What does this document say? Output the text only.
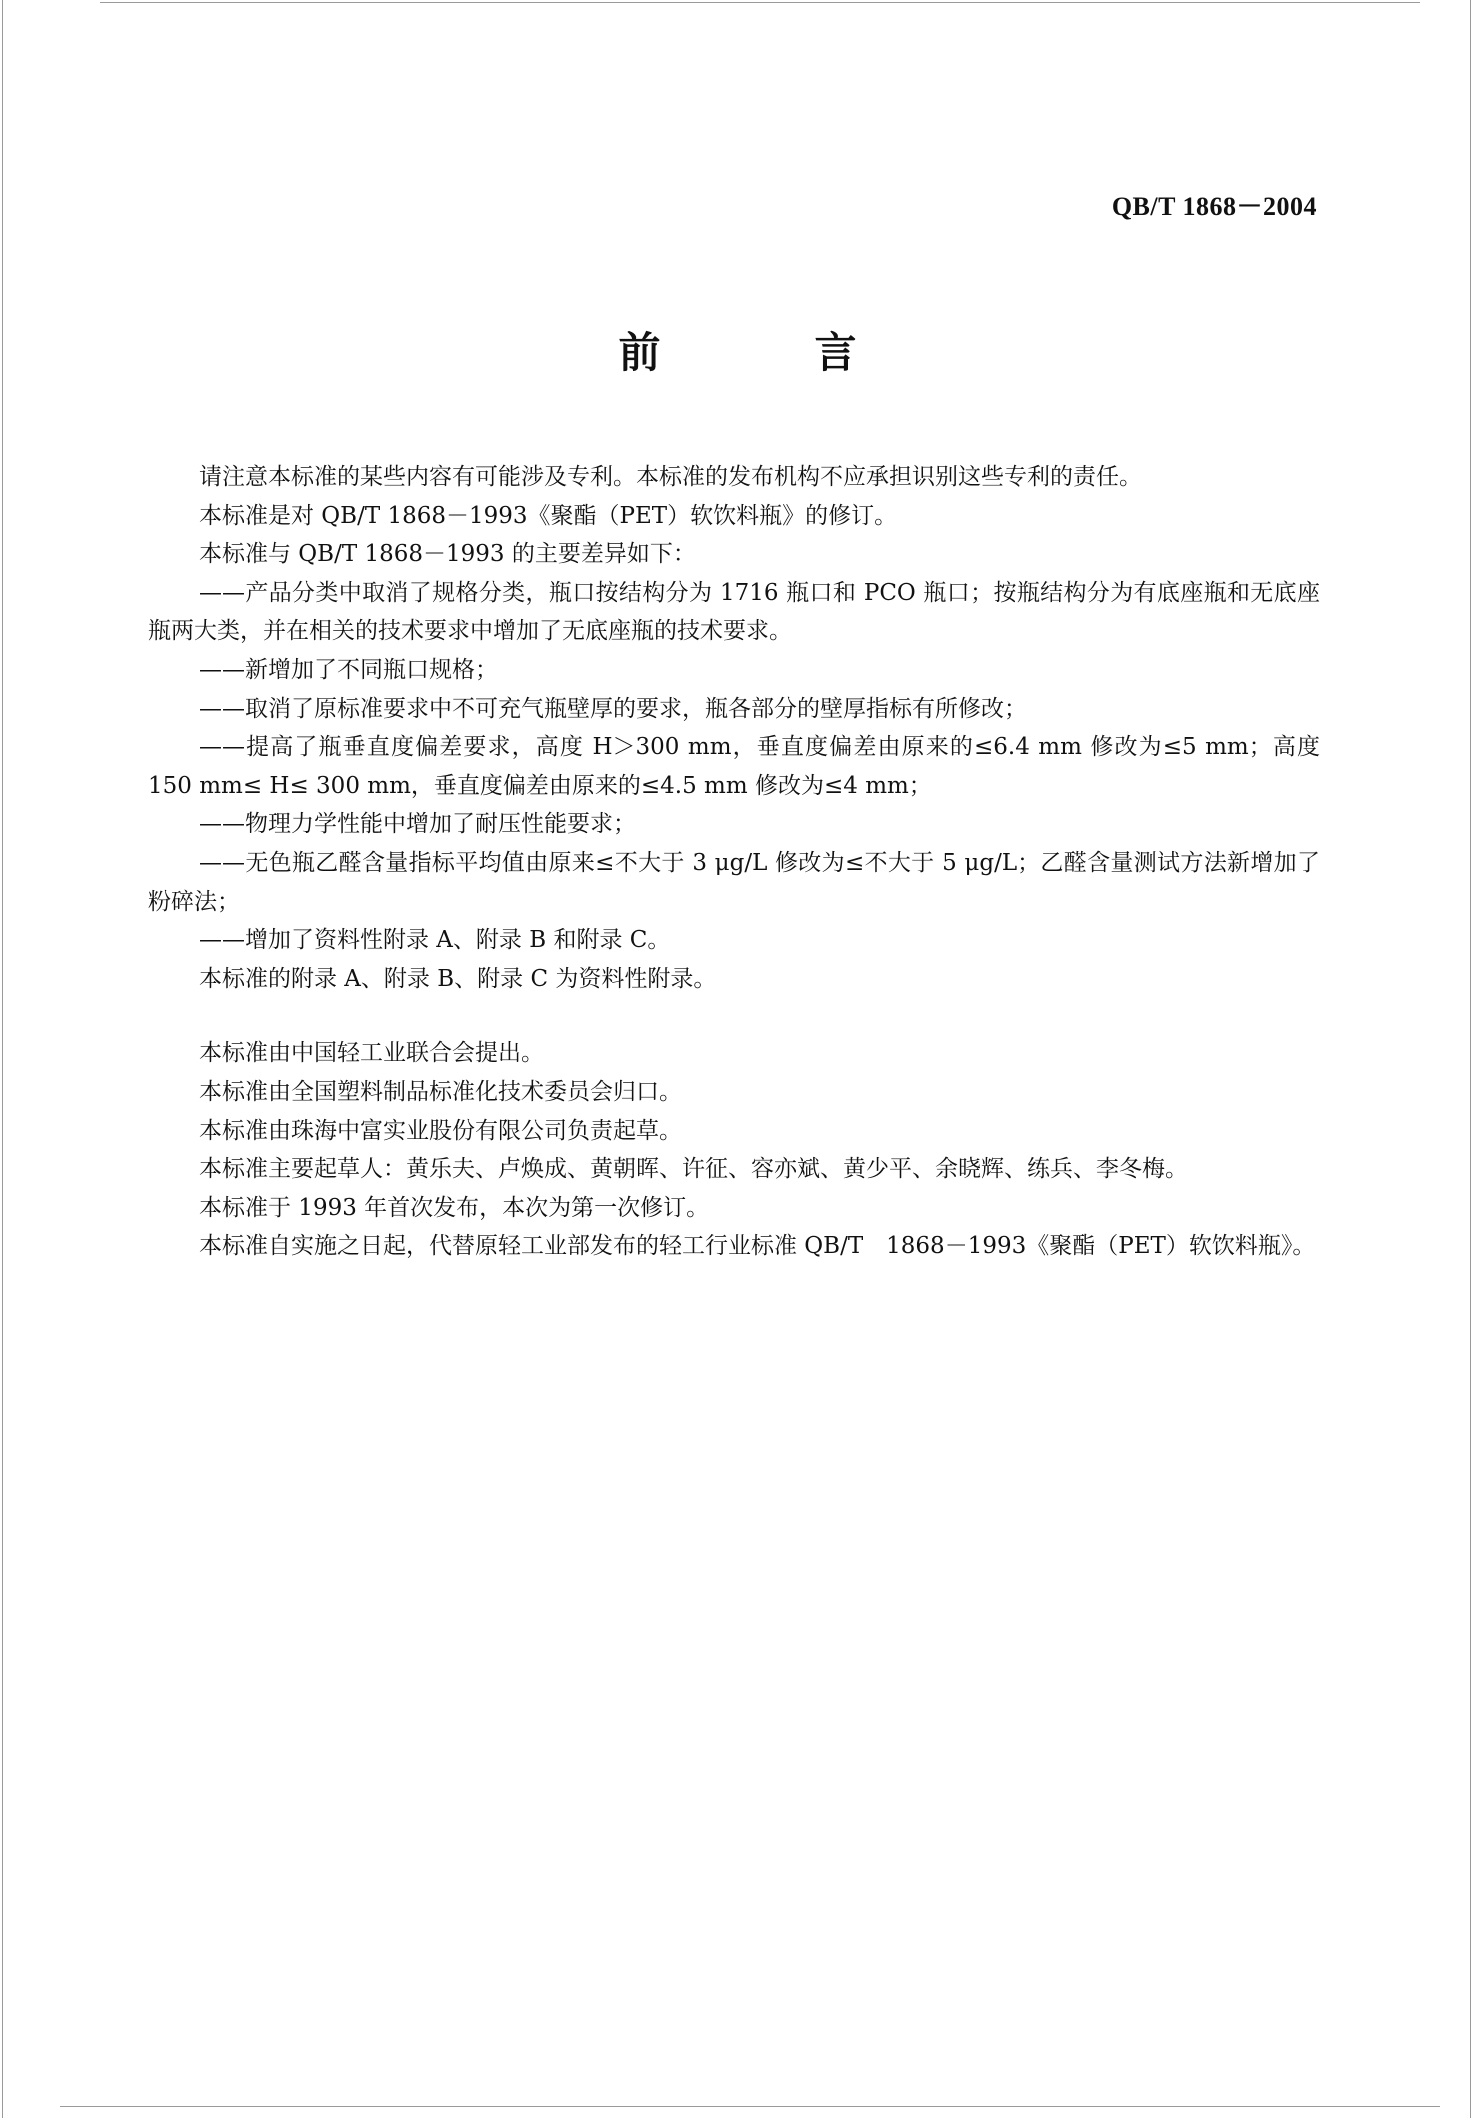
QB/T 1868－2004
前　言

请注意本标准的某些内容有可能涉及专利。本标准的发布机构不应承担识别这些专利的责任。

本标准是对 QB/T 1868－1993《聚酯（PET）软饮料瓶》的修订。

本标准与 QB/T 1868－1993 的主要差异如下：

——产品分类中取消了规格分类，瓶口按结构分为 1716 瓶口和 PCO 瓶口；按瓶结构分为有底座瓶和无底座瓶两大类，并在相关的技术要求中增加了无底座瓶的技术要求。

——新增加了不同瓶口规格；

——取消了原标准要求中不可充气瓶壁厚的要求，瓶各部分的壁厚指标有所修改；

——提高了瓶垂直度偏差要求，高度 H＞300 mm，垂直度偏差由原来的≤6.4 mm 修改为≤5 mm；高度 150 mm≤ H≤ 300 mm，垂直度偏差由原来的≤4.5 mm 修改为≤4 mm；

——物理力学性能中增加了耐压性能要求；

——无色瓶乙醛含量指标平均值由原来≤不大于 3 μg/L 修改为≤不大于 5 μg/L；乙醛含量测试方法新增加了粉碎法；

——增加了资料性附录 A、附录 B 和附录 C。

本标准的附录 A、附录 B、附录 C 为资料性附录。

本标准由中国轻工业联合会提出。

本标准由全国塑料制品标准化技术委员会归口。

本标准由珠海中富实业股份有限公司负责起草。

本标准主要起草人：黄乐夫、卢焕成、黄朝晖、许征、容亦斌、黄少平、余晓辉、练兵、李冬梅。

本标准于 1993 年首次发布，本次为第一次修订。

本标准自实施之日起，代替原轻工业部发布的轻工行业标准 QB/T　1868－1993《聚酯（PET）软饮料瓶》。
